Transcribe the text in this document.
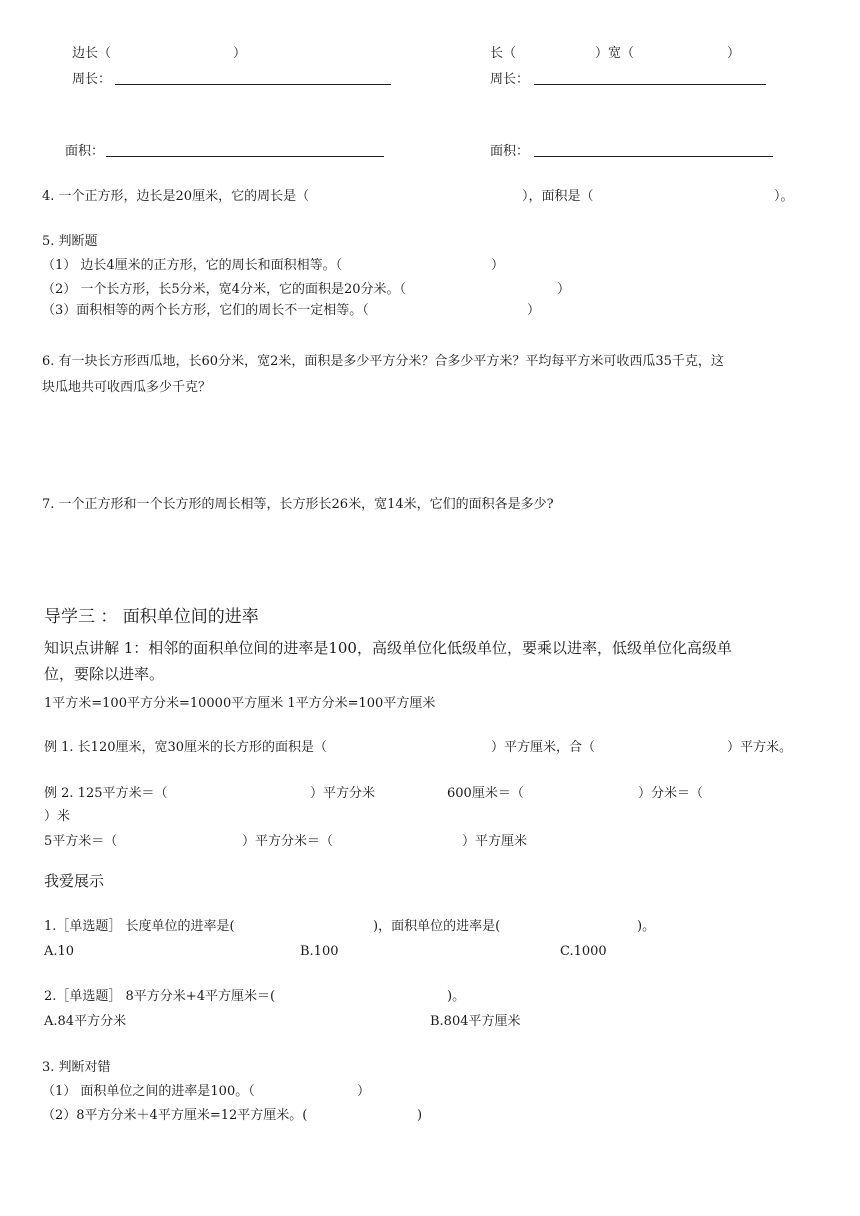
边长（	）
周长：
面积：
长（	）宽（	）
周长：
面积：
4. 一个正方形，边长是20厘米，它的周长是（	），面积是（	）。
5. 判断题
（1） 边长4厘米的正方形，它的周长和面积相等。（	）
（2） 一个长方形，长5分米，宽4分米，它的面积是20分米。（	）
（3）面积相等的两个长方形，它们的周长不一定相等。（	）
6. 有一块长方形西瓜地，长60分米，宽2米，面积是多少平方分米？合多少平方米？平均每平方米可收西瓜35千克，这
块瓜地共可收西瓜多少千克？
7. 一个正方形和一个长方形的周长相等，长方形长26米，宽14米，它们的面积各是多少?
导学三 ： 面积单位间的进率
知识点讲解 1：相邻的面积单位间的进率是100，高级单位化低级单位，要乘以进率，低级单位化高级单
位，要除以进率。
1平方米=100平方分米=10000平方厘米 1平方分米=100平方厘米
例 1. 长120厘米，宽30厘米的长方形的面积是（	）平方厘米，合（	）平方米。
例 2. 125平方米＝（	）平方分米	600厘米＝（	）分米＝（
）米
5平方米＝（	）平方分米＝（	）平方厘米
我爱展示
1.［单选题］ 长度单位的进率是(	)，面积单位的进率是(	)。
A.10	B.100	C.1000
2.［单选题］ 8平方分米+4平方厘米＝(	)。
A.84平方分米	B.804平方厘米
3. 判断对错
（1） 面积单位之间的进率是100。（	）
（2）8平方分米＋4平方厘米=12平方厘米。(	)
